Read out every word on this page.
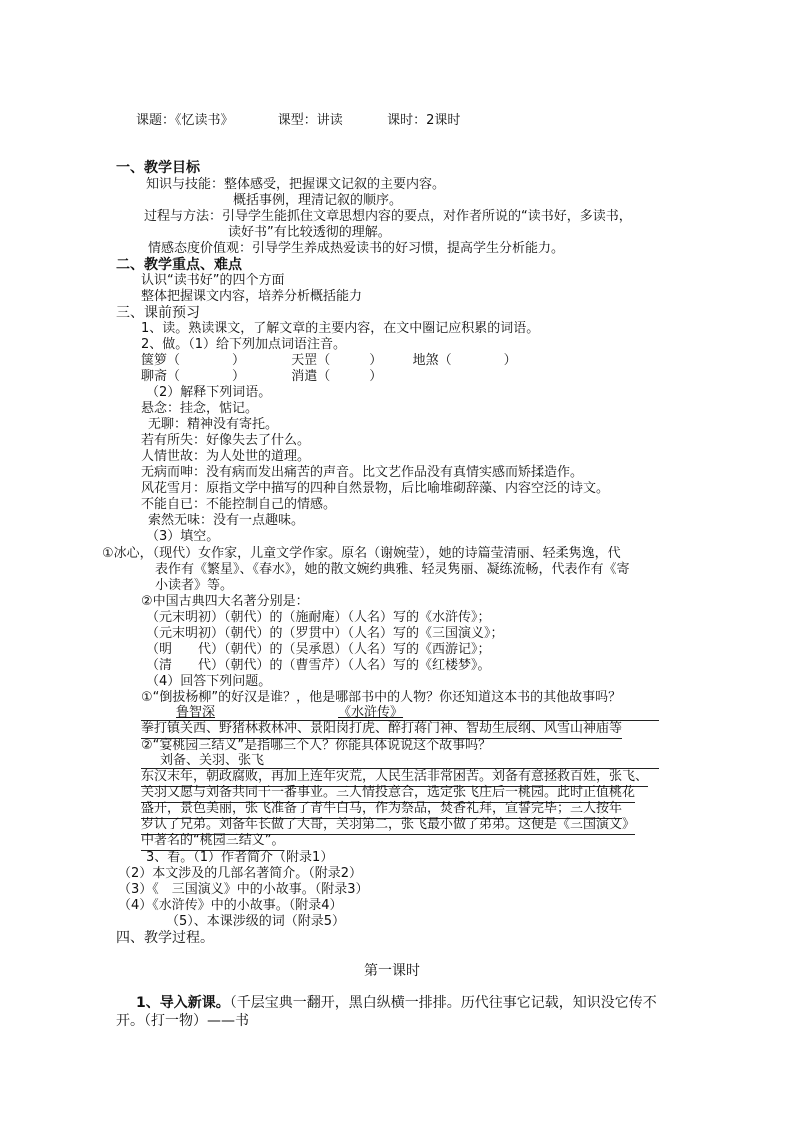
课题：《忆读书》	课型：讲读	课时：2课时
一、教学目标
知识与技能：整体感受，把握课文记叙的主要内容。
概括事例，理清记叙的顺序。
过程与方法：引导学生能抓住文章思想内容的要点，对作者所说的“读书好，多读书，
读好书”有比较透彻的理解。
情感态度价值观：引导学生养成热爱读书的好习惯，提高学生分析能力。
二、教学重点、难点
认识“读书好”的四个方面
整体把握课文内容，培养分析概括能力
三、课前预习
1、读。熟读课文，了解文章的主要内容，在文中圈记应积累的词语。
2、做。（1）给下列加点词语注音。
箧箩（　　　　）	天罡（　　　） 地煞（　　　　）
聊斋（　　　　）	消遣（　　　）
（2）解释下列词语。
悬念：挂念，惦记。
无聊：精神没有寄托。
若有所失：好像失去了什么。
人情世故：为人处世的道理。
无病而呻：没有病而发出痛苦的声音。比文艺作品没有真情实感而矫揉造作。
风花雪月：原指文学中描写的四种自然景物，后比喻堆砌辞藻、内容空泛的诗文。
不能自已：不能控制自己的情感。
索然无味：没有一点趣味。
（3）填空。
①冰心，（现代）女作家，儿童文学作家。原名（谢婉莹），她的诗篇莹清丽、轻柔隽逸，代
表作有《繁星》、《春水》，她的散文婉约典雅、轻灵隽丽、凝练流畅，代表作有《寄
小读者》等。
②中国古典四大名著分别是：
（元末明初）（朝代）的（施耐庵）（人名）写的《水浒传》；
（元末明初）（朝代）的（罗贯中）（人名）写的《三国演义》；
（明　　代）（朝代）的（吴承恩）（人名）写的《西游记》；
（清　　代）（朝代）的（曹雪芹）（人名）写的《红楼梦》。
（4）回答下列问题。
①“倒拔杨柳”的好汉是谁？，他是哪部书中的人物？你还知道这本书的其他故事吗？
鲁智深	《水浒传》
拳打镇关西、野猪林救林冲、景阳岗打虎、醉打蒋门神、智劫生辰纲、风雪山神庙等
②“宴桃园三结义”是指哪三个人？你能具体说说这个故事吗？
刘备、关羽、张飞
东汉末年，朝政腐败，再加上连年灾荒，人民生活非常困苦。刘备有意拯救百姓，张飞、
关羽又愿与刘备共同干一番事业。三人情投意合，选定张飞庄后一桃园。此时正值桃花
盛开，景色美丽，张飞准备了青牛白马，作为祭品，焚香礼拜，宣誓完毕；三人按年
岁认了兄弟。刘备年长做了大哥，关羽第二，张飞最小做了弟弟。这便是《三国演义》
中著名的“桃园三结义”。
3、看。（1）作者简介（附录1）
（2）本文涉及的几部名著简介。（附录2）
（3）《　三国演义》中的小故事。（附录3）
（4）《水浒传》中的小故事。（附录4）
（5）、本课涉级的词（附录5）
四、教学过程。
第一课时
1、导入新课。（千层宝典一翻开，黑白纵横一排排。历代往事它记载，知识没它传不
开。（打一物）——书
